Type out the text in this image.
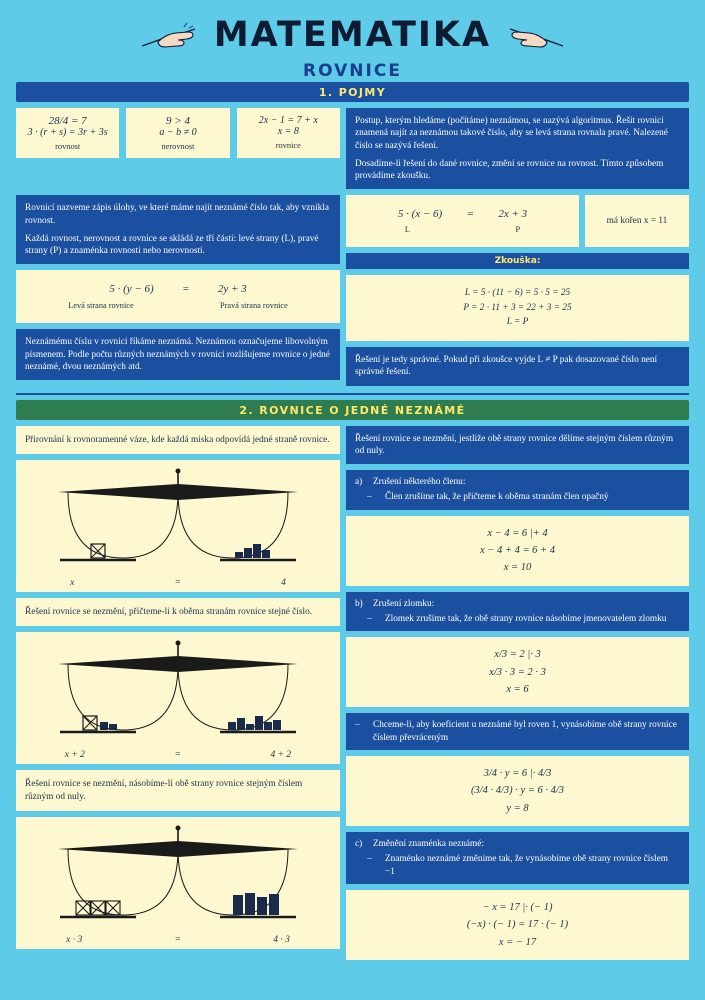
MATEMATIKA
ROVNICE
1. POJMY
28/4 = 7
3 · (r + s) = 3r + 3s
rovnost
9 > 4
a − b ≠ 0
nerovnost
2x − 1 = 7 + x
x = 8
rovnice

Postup, kterým hledáme (počítáme) neznámou, se nazývá algoritmus. Řešit rovnici znamená najít za neznámou takové číslo, aby se levá strana rovnala pravé. Nalezené číslo se nazývá řešení.

Dosadíme-li řešení do dané rovnice, změní se rovnice na rovnost. Tímto způsobem provádíme zkoušku.

Rovnicí nazveme zápis úlohy, ve které máme najít neznámé číslo tak, aby vznikla rovnost.

Každá rovnost, nerovnost a rovnice se skládá ze tří částí: levé strany (L), pravé strany (P) a znaménka rovnosti nebo nerovnosti.

5 · (y − 6)	=	2y + 3
Levá strana rovnice	Pravá strana rovnice

Neznámému číslu v rovnici říkáme neznámá. Neznámou označujeme libovolným písmenem. Podle počtu různých neznámých v rovnici rozlišujeme rovnice o jedné neznámé, dvou neznámých atd.

5 · (x − 6) = 2x + 3
L	P
má kořen x = 11
Zkouška:
L = 5 · (11 − 6) = 5 · 5 = 25
P = 2 · 11 + 3 = 22 + 3 = 25
L = P

Řešení je tedy správné. Pokud při zkoušce vyjde L ≠ P pak dosazované číslo není správné řešení.

2. ROVNICE O JEDNÉ NEZNÁMÉ
Přirovnání k rovnoramenné váze, kde každá miska odpovídá jedné straně rovnice.
x	=	4
Řešení rovnice se nezmění, přičteme-li k oběma stranám rovnice stejné číslo.
x + 2	=	4 + 2
Řešení rovnice se nezmění, násobíme-li obě strany rovnice stejným číslem různým od nuly.
x · 3	=	4 · 3

Řešení rovnice se nezmění, jestliže obě strany rovnice dělíme stejným číslem různým od nuly.

a)	Zrušení některého členu:
–	Člen zrušíme tak, že přičteme k oběma stranám člen opačný
x − 4 = 6 |+ 4
x − 4 + 4 = 6 + 4
x = 10
b)	Zrušení zlomku:
–	Zlomek zrušíme tak, že obě strany rovnice násobíme jmenovatelem zlomku
x/3 = 2 |· 3
x/3 · 3 = 2 · 3
x = 6
–	Chceme-li, aby koeficient u neznámé byl roven 1, vynásobíme obě strany rovnice číslem převráceným
3/4 · y = 6 |· 4/3
(3/4 · 4/3) · y = 6 · 4/3
y = 8
c)	Změnění znaménka neznámé:
–	Znaménko neznámé změníme tak, že vynásobíme obě strany rovnice číslem −1
− x = 17 |· (− 1)
(−x) · (− 1) = 17 · (− 1)
x = − 17
